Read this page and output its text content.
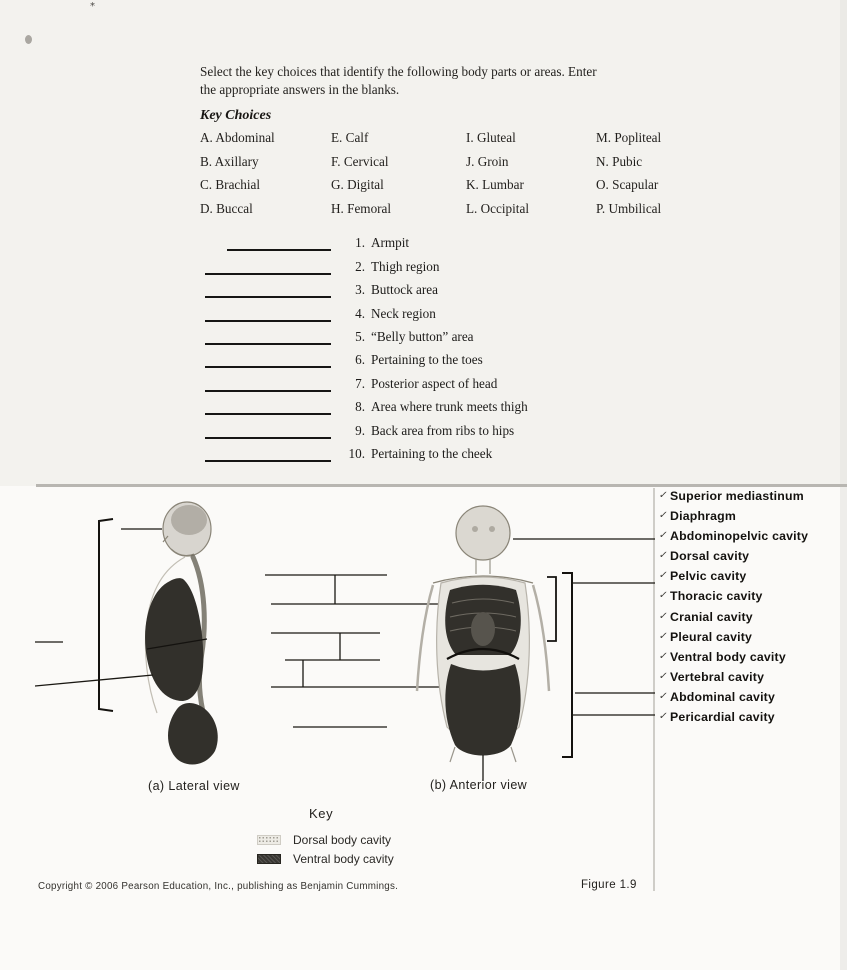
*
Select the key choices that identify the following body parts or areas. Enter
the appropriate answers in the blanks.
Key Choices
A. Abdominal
B. Axillary
C. Brachial
D. Buccal
E. Calf
F. Cervical
G. Digital
H. Femoral
I. Gluteal
J. Groin
K. Lumbar
L. Occipital
M. Popliteal
N. Pubic
O. Scapular
P. Umbilical
1. Armpit
2. Thigh region
3. Buttock area
4. Neck region
5. “Belly button” area
6. Pertaining to the toes
7. Posterior aspect of head
8. Area where trunk meets thigh
9. Back area from ribs to hips
10. Pertaining to the cheek
✓ Superior mediastinum
✓ Diaphragm
✓ Abdominopelvic cavity
✓ Dorsal cavity
✓ Pelvic cavity
✓ Thoracic cavity
✓ Cranial cavity
✓ Pleural cavity
✓ Ventral body cavity
✓ Vertebral cavity
✓ Abdominal cavity
✓ Pericardial cavity
(a) Lateral view	(b) Anterior view
Key
Dorsal body cavity
Ventral body cavity
Copyright © 2006 Pearson Education, Inc., publishing as Benjamin Cummings.	Figure 1.9
